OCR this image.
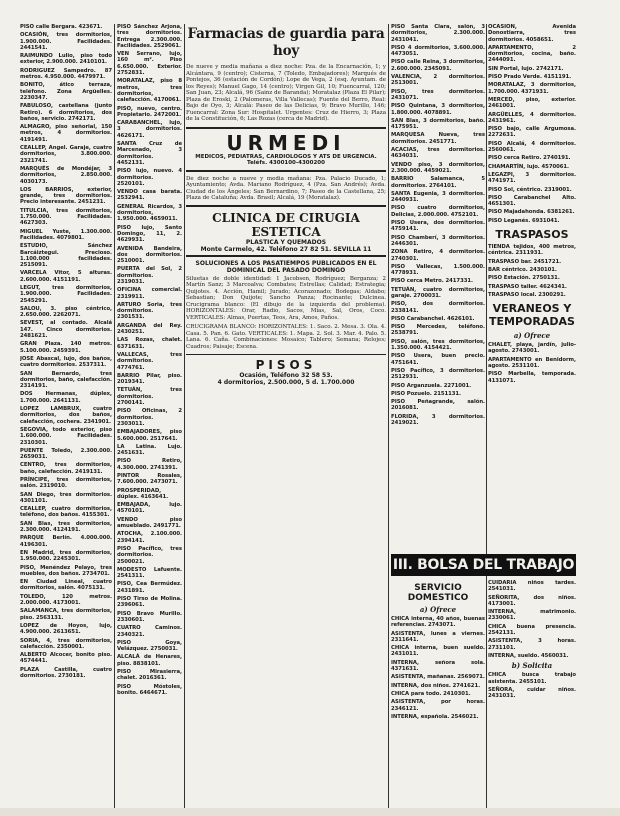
PISO calle Bergara. 423671.

OCASIÓN, tres dormitorios, 1.900.000. Facilidades. 2441541.

RAIMUNDO Lulio, piso todo exterior, 2.900.000. 2410101.

RODRIGUEZ Sampedro. 87 metros. 4.950.000. 4479971.

BONITO, ático terraza, teléfono. Zona Argüelles. 2230347.

FABULOSO, castellana (junto Retiro). 6 dormitorios, dos baños, servicio. 2742171.

ALMAGRO, piso señorial, 150 metros, 4 dormitorios. 4191491.

CEALLEP, Angel. Garaje, cuatro dormitorios, 3.800.000. 2321741.

MARQUÉS de Mondéjar, 3 dormitorios, 2.850.000. 4030173.

LOS BARRIOS, exterior, grande, tres dormitorios. Precio interesante. 2451231.

TITULCIA, tres dormitorios, 1.750.000. Facilidades. 4627303.

MIGUEL Yuste, 1.300.000. Facilidades. 4079801.

ESTUDIO, Sánchez Barcáiztegui. Precioso. 1.100.000 facilidades. 2515091.

VARCELA Vitor, 5 alturas. 2.600.000. 4151191.

LEGUT, tres dormitorios, 1.900.000. Facilidades. 2545291.

SALOU, 3. piso céntrico, 2.650.000. 2262071.

SEVEST, al contado. Alcalá 147. Cinco dormitorios. 2481621.

GRAN Plaza. 140 metros. 5.100.000. 2459391.

JOSE Abascal, lujo, dos baños, cuatro dormitorios. 2537311.

SAN Bernardo, tres dormitorios, baño, calefacción. 2314191.

DOS Hermanas, dúplex, 1.700.000. 2641131.

LOPEZ LAMBRUX, cuatro dormitorios, dos baños, calefacción, cochera. 2341901.

SEGOVIA, todo exterior, piso 1.600.000. Facilidades. 2310301.

PUENTE Toledo, 2.300.000. 2659031.

CENTRO, tres dormitorios, baño, calefacción. 2419131.

PRÍNCIPE, tres dormitorios, salón. 2319010.

SAN Diego, tres dormitorios. 4301101.

CEALLEP, cuatro dormitorios, teléfono, dos baños. 4155301.

SAN Blas, tres dormitorios, 2.300.000. 4124191.

PARQUE Berlín. 4.000.000. 4196301.

EN Madrid, tres dormitorios, 1.950.000. 2245301.

PISO, Menéndez Pelayo, tres muebles, dos baños. 2734701.

EN Ciudad Lineal, cuatro dormitorios, salón. 4075131.

TOLEDO, 120 metros. 2.000.000. 4173001.

SALAMANCA, tres dormitorios, piso. 2563131.

LOPEZ de Hoyos, lujo, 4.900.000. 2613651.

SORIA, 4, tres dormitorios, calefacción. 2350001.

ALBERTO Alcocer, bonito piso. 4574441.

PLAZA Castilla, cuatro dormitorios. 2730181.

PISO Sánchez Arjona, tres dormitorios. Entrega 2.300.000. Facilidades. 2529061.

VEN Serrano, lujo, 160 m². Piso 6.650.000. Exterior. 2752831.

MORATALAZ, piso 8 metros, tres dormitorios, calefacción. 4170061.

PISO, nuevo, centro. Propietario. 2472001.

CARABANCHEL, lujo, 3 dormitorios. 4626171.

SANTA Cruz de Marcenado, 3 dormitorios. 4452131.

PISO lujo, nuevo. 4 dormitorios. 2520101.

VENDO casa barata. 2532941.

GENERAL Ricardos, 3 dormitorios, 1.950.000. 4659011.

PISO lujo, Santo Domingo, 11, 2. 4629931.

AVENIDA Bandeira, dos dormitorios. 2510001.

PUERTA del Sol, 2 dormitorios. 2319031.

OFICINA comercial. 2319911.

ARTURO Soria, tres dormitorios. 2301531.

ARGANDA del Rey. 2430251.

LAS Rozas, chalet. 6371631.

VALLECAS, tres dormitorios. 4774761.

BARRIO Pilar, piso. 2019341.

TETUÁN, tres dormitorios. 2700141.

PISO Oficinas, 2 dormitorios. 2303011.

EMBAJADORES, piso 5.600.000. 2517641.

LA Latina. Lujo. 2451631.

PISO Retiro, 4.300.000. 2741391.

PINTOR Rosales, 7.600.000. 2473071.

PROSPERIDAD, dúplex. 4163641.

EMBAJADA, lujo. 4570101.

VENDO piso amueblado. 2491771.

ATOCHA, 2.100.000. 2394141.

PISO Pacífico, tres dormitorios. 2500021.

MODESTO Lafuente. 2541311.

PISO, Cea Bermúdez. 2431891.

PISO Tirso de Molina. 2396061.

PISO Bravo Murillo. 2330601.

CUATRO Caminos. 2340321.

PISO Goya, Velázquez. 2750031.

ALCALÁ de Henares, piso. 8838101.

PISO Mirasierra, chalet. 2016361.

PISO Móstoles, bonito. 6464671.

Farmacias de guardia para hoy
De nueve y media mañana a diez noche: Pza. de la Encarnación, 1; y Alcántara, 9 (centro); Cisterna, 7 (Toledo, Embajadores); Marqués de Pontejos, 36 (estación de Cordón); Lope de Vega, 2 (esq. Ayuntam. de los Reyes); Manuel Gago, 14 (centro); Virgen Gil, 10; Fuencarral, 120; San Juan, 23; Alcalá, 96 (Sainz de Baranda); Moratalaz (Plaza El Pilar); Plaza de Eroski, 2 (Palomeras, Villa Vallecas); Fuente del Berro, Real: Bajo de Oyo, 3; Alcalá: Paseo de las Delicias, 9; Bravo Murillo, 146; Fuencarral: Zona Sur: Hospitalet. Urgentes: Cruz de Hierro, 3; Plaza de la Constitución, 6; Las Rozas (cerca de Madrid).
URMEDI
MEDICOS, PEDIATRAS, CARDIOLOGOS Y ATS DE URGENCIA. Teléfs. 4300100-4300200
De diez noche a nueve y media mañana: Pza. Palacio Ducado, 1; Ayuntamiento; Avda. Mariano Rodríguez, 4 (Pza. San Andrés); Avda. Ciudad de los Ángeles; San Bernardino, 7; Paseo de la Castellana, 25; Plaza de Cataluña; Avda. Brasil; Alcalá, 19 (Moratalaz).
CLINICA DE CIRUGIA ESTETICA
PLASTICA Y QUEMADOS
Monte Carmelo, 42. Teléfono 27 82 51. SEVILLA 11
SOLUCIONES A LOS PASATIEMPOS PUBLICADOS EN EL DOMINICAL DEL PASADO DOMINGO
Siluetas de doble identidad: 1 Jacobsen, Rodríguez; Berganza; 2 Martín Sanz; 3 Marcoalva; Combates; Estrellas; Calidad; Estrategia; Quijotes. 4. Acción, Hamil; Jurado; Acorazonado; Bodegas; Aldabo; Sebastian; Don Quijote; Sancho Panza; Rocinante; Dulcinea. Crucigrama blanco: (El dibujo de la izquierda del problema). HORIZONTALES: Orar, Radio, Sacos, Mías, Sal, Oros, Coco. VERTICALES: Almas, Puertas, Teos, Ara, Amos, Paños.
CRUCIGRAMA BLANCO: HORIZONTALES: 1. Saco. 2. Mesa. 3. Ola. 4. Casa. 5. Pan. 6. Gato. VERTICALES: 1. Mapa. 2. Sol. 3. Mar. 4. Palo. 5. Lana. 6. Caña. Combinaciones: Mosaico; Tablero; Semana; Relojes; Cuadros; Paisaje; Escena.
PISOS
Ocasión, Teléfono 32 58 53.
4 dormitorios, 2.500.000, 5 d. 1.700.000

PISO Santa Clara, salón, 3 dormitorios, 2.300.000. 2431041.

PISO 4 dormitorios, 3.600.000. 4473051.

PISO calle Reina, 3 dormitorios, 2.600.000. 2345091.

VALENCIA, 2 dormitorios. 2513001.

PISO, tres dormitorios. 2431071.

PISO Quintana, 3 dormitorios, 1.800.000. 4078891.

SAN Blas, 3 dormitorios, baño. 4175951.

MARQUESA Nueva, tres dormitorios. 2451771.

ACACIAS, tres dormitorios. 4634031.

VENDO piso, 3 dormitorios, 2.300.000. 4459021.

BARRIO Salamanca, 5 dormitorios. 2764101.

SANTA Eugenia, 3 dormitorios. 2440931.

PISO cuatro dormitorios, Delicias, 2.000.000. 4752101.

PISO Usera, dos dormitorios. 4759141.

PISO Chamberí, 3 dormitorios. 2446301.

ZONA Retiro, 4 dormitorios. 2740301.

PISO Vallecas, 1.500.000. 4778931.

PISO cerca Metro. 2417331.

TETUÁN, cuatro dormitorios, garaje. 2700031.

PISO, dos dormitorios. 2338141.

PISO Carabanchel. 4626101.

PISO Mercedes, teléfono. 2538791.

PISO, salón, tres dormitorios, 1.350.000. 4154421.

PISO Usera, buen precio. 4751641.

PISO Pacífico, 3 dormitorios. 2512931.

PISO Arganzuela. 2271001.

PISO Pozuelo. 2151131.

PISO Peñagrande, salón. 2016081.

FLORIDA, 3 dormitorios. 2419021.

OCASIÓN, Avenida Donostiarra, tres dormitorios. 4058651.

APARTAMENTO, 2 dormitorios, cocina, baño. 2444091.

SIN Portal, lujo. 2742171.

PISO Prado Verde. 4151191.

MORATALAZ, 3 dormitorios, 1.700.000. 4371931.

MERCED, piso, exterior. 2461001.

ARGÜELLES, 4 dormitorios. 2431961.

PISO bajo, calle Argumosa. 2272631.

PISO Alcalá, 4 dormitorios. 2560061.

PISO cerca Retiro. 2740191.

CHAMARTÍN, lujo. 4570061.

LEGAZPI, 3 dormitorios. 4741971.

PISO Sol, céntrico. 2319001.

PISO Carabanchel Alto. 4651301.

PISO Majadahonda. 6381261.

PISO Leganés. 6931041.

TRASPASOS

TIENDA tejidos, 400 metros, céntrica. 2311931.

TRASPASO bar. 2451721.

BAR céntrico. 2430101.

PISO Estación. 2750131.

TRASPASO taller. 4624341.

TRASPASO local. 2300291.

VERANEOS Y TEMPORADAS
a) Ofrece

CHALET, playa, jardín, julio-agosto. 2743001.

APARTAMENTO en Benidorm, agosto. 2531101.

PISO Marbella, temporada. 4131071.

III. BOLSA DEL TRABAJO
SERVICIO DOMESTICO
a) Ofrece

CHICA interna, 40 años, buenas referencias. 2743071.

ASISTENTA, lunes a viernes. 2311641.

CHICA interna, buen sueldo. 2431011.

INTERNA, señora sola. 4371631.

ASISTENTA, mañanas. 2569071.

INTERNA, dos niños. 2741621.

CHICA para todo. 2410301.

ASISTENTA, por horas. 2346121.

INTERNA, española. 2546021.

CUIDARÍA niños tardes. 2541031.

SEÑORITA, dos niños. 4173001.

INTERNA, matrimonio. 2330061.

CHICA buena presencia. 2542131.

ASISTENTA, 3 horas. 2731101.

INTERNA, sueldo. 4560031.

b) Solicita

CHICA busca trabajo asistenta. 2455101.

SEÑORA, cuidar niños. 2431031.
